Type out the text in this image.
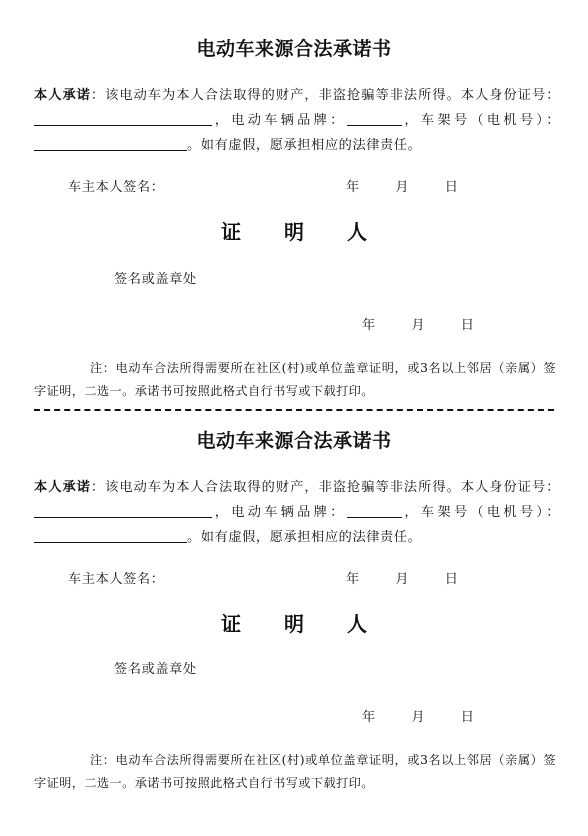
电动车来源合法承诺书
本人承诺：该电动车为本人合法取得的财产，非盗抢骗等非法所得。本人身份证号：，电动车辆品牌：	，车架号（电机号）：。如有虚假，愿承担相应的法律责任。
车主本人签名：	年	月	日
证 明 人
签名或盖章处
年	月	日
注：电动车合法所得需要所在社区(村)或单位盖章证明，或3名以上邻居（亲属）签字证明，二选一。承诺书可按照此格式自行书写或下载打印。
电动车来源合法承诺书
本人承诺：该电动车为本人合法取得的财产，非盗抢骗等非法所得。本人身份证号：，电动车辆品牌：	，车架号（电机号）：。如有虚假，愿承担相应的法律责任。
车主本人签名：	年	月	日
证 明 人
签名或盖章处
年	月	日
注：电动车合法所得需要所在社区(村)或单位盖章证明，或3名以上邻居（亲属）签字证明，二选一。承诺书可按照此格式自行书写或下载打印。
